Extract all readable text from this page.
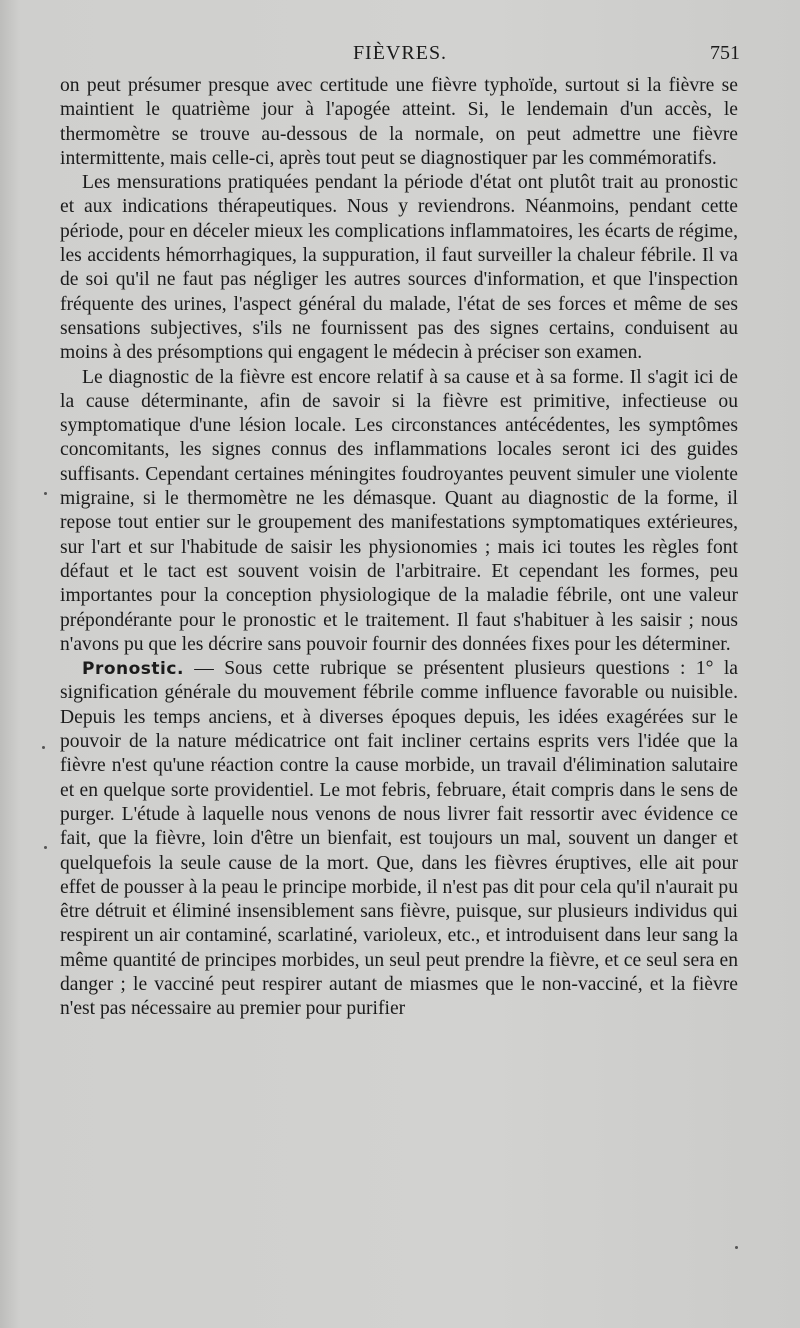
FIÈVRES.	751

on peut présumer presque avec certitude une fièvre typhoïde, surtout si la fièvre se maintient le quatrième jour à l'apogée atteint. Si, le lendemain d'un accès, le thermomètre se trouve au-dessous de la normale, on peut admettre une fièvre intermittente, mais celle-ci, après tout peut se diagnostiquer par les commémoratifs.

Les mensurations pratiquées pendant la période d'état ont plutôt trait au pronostic et aux indications thérapeutiques. Nous y reviendrons. Néanmoins, pendant cette période, pour en déceler mieux les complications inflammatoires, les écarts de régime, les accidents hémorrhagiques, la suppuration, il faut surveiller la chaleur fébrile. Il va de soi qu'il ne faut pas négliger les autres sources d'information, et que l'inspection fréquente des urines, l'aspect général du malade, l'état de ses forces et même de ses sensations subjectives, s'ils ne fournissent pas des signes certains, conduisent au moins à des présomptions qui engagent le médecin à préciser son examen.

Le diagnostic de la fièvre est encore relatif à sa cause et à sa forme. Il s'agit ici de la cause déterminante, afin de savoir si la fièvre est primitive, infectieuse ou symptomatique d'une lésion locale. Les circonstances antécédentes, les symptômes concomitants, les signes connus des inflammations locales seront ici des guides suffisants. Cependant certaines méningites foudroyantes peuvent simuler une violente migraine, si le thermomètre ne les démasque. Quant au diagnostic de la forme, il repose tout entier sur le groupement des manifestations symptomatiques extérieures, sur l'art et sur l'habitude de saisir les physionomies ; mais ici toutes les règles font défaut et le tact est souvent voisin de l'arbitraire. Et cependant les formes, peu importantes pour la conception physiologique de la maladie fébrile, ont une valeur prépondérante pour le pronostic et le traitement. Il faut s'habituer à les saisir ; nous n'avons pu que les décrire sans pouvoir fournir des données fixes pour les déterminer.

Pronostic. — Sous cette rubrique se présentent plusieurs questions : 1° la signification générale du mouvement fébrile comme influence favorable ou nuisible. Depuis les temps anciens, et à diverses époques depuis, les idées exagérées sur le pouvoir de la nature médicatrice ont fait incliner certains esprits vers l'idée que la fièvre n'est qu'une réaction contre la cause morbide, un travail d'élimination salutaire et en quelque sorte providentiel. Le mot febris, februare, était compris dans le sens de purger. L'étude à laquelle nous venons de nous livrer fait ressortir avec évidence ce fait, que la fièvre, loin d'être un bienfait, est toujours un mal, souvent un danger et quelquefois la seule cause de la mort. Que, dans les fièvres éruptives, elle ait pour effet de pousser à la peau le principe morbide, il n'est pas dit pour cela qu'il n'aurait pu être détruit et éliminé insensiblement sans fièvre, puisque, sur plusieurs individus qui respirent un air contaminé, scarlatiné, varioleux, etc., et introduisent dans leur sang la même quantité de principes morbides, un seul peut prendre la fièvre, et ce seul sera en danger ; le vacciné peut respirer autant de miasmes que le non-vacciné, et la fièvre n'est pas nécessaire au premier pour purifier
